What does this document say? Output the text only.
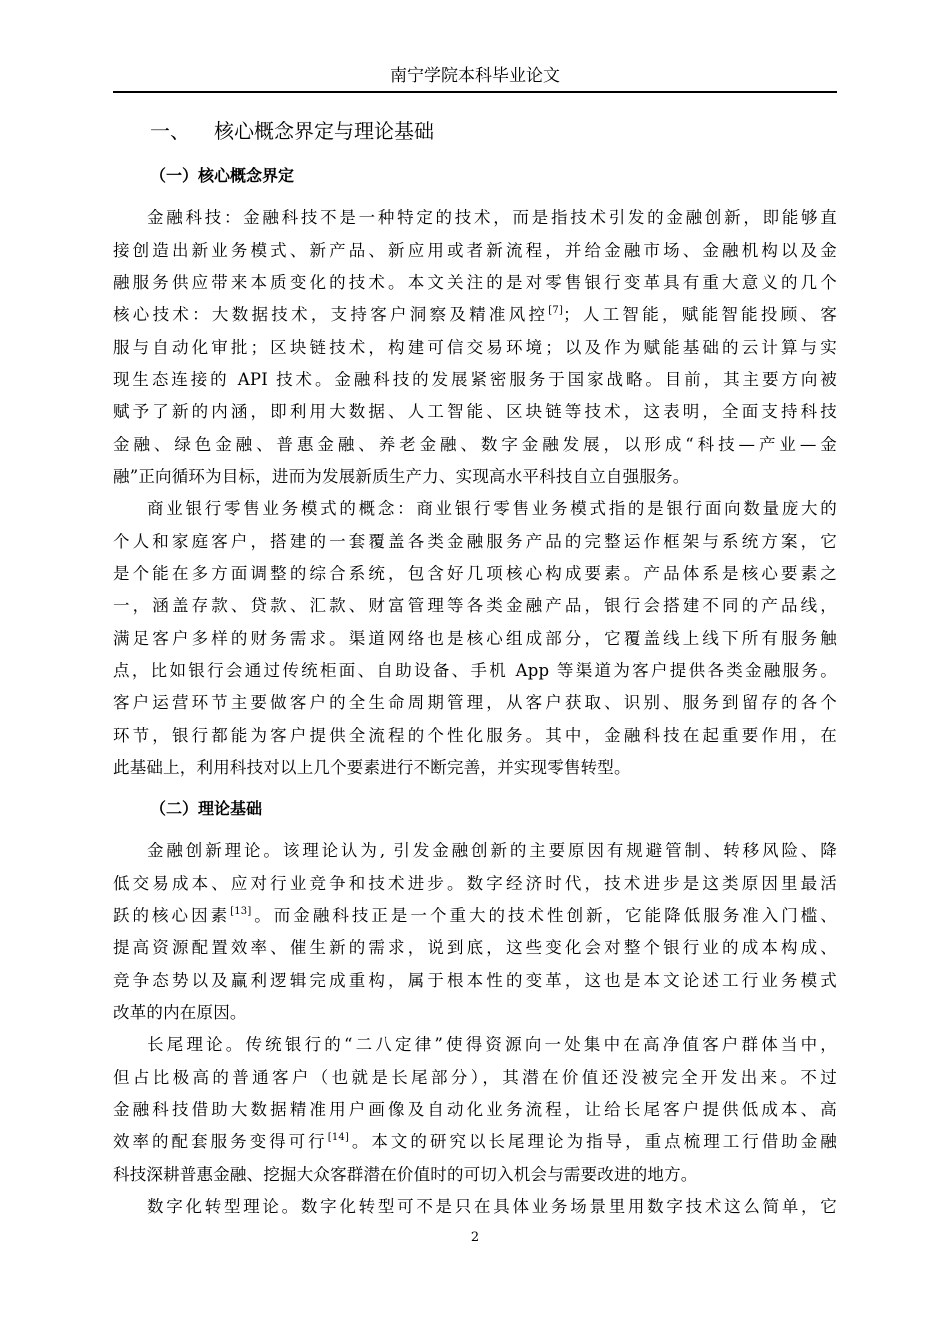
南宁学院本科毕业论文
一、 核心概念界定与理论基础
（一）核心概念界定
金融科技：金融科技不是一种特定的技术，而是指技术引发的金融创新，即能够直
接创造出新业务模式、新产品、新应用或者新流程，并给金融市场、金融机构以及金
融服务供应带来本质变化的技术。本文关注的是对零售银行变革具有重大意义的几个
核心技术：大数据技术，支持客户洞察及精准风控[7]；人工智能，赋能智能投顾、客
服与自动化审批；区块链技术，构建可信交易环境；以及作为赋能基础的云计算与实
现生态连接的 API 技术。金融科技的发展紧密服务于国家战略。目前，其主要方向被
赋予了新的内涵，即利用大数据、人工智能、区块链等技术，这表明，全面支持科技
金融、绿色金融、普惠金融、养老金融、数字金融发展，以形成“科技—产业—金
融”正向循环为目标，进而为发展新质生产力、实现高水平科技自立自强服务。
商业银行零售业务模式的概念：商业银行零售业务模式指的是银行面向数量庞大的
个人和家庭客户，搭建的一套覆盖各类金融服务产品的完整运作框架与系统方案，它
是个能在多方面调整的综合系统，包含好几项核心构成要素。产品体系是核心要素之
一，涵盖存款、贷款、汇款、财富管理等各类金融产品，银行会搭建不同的产品线，
满足客户多样的财务需求。渠道网络也是核心组成部分，它覆盖线上线下所有服务触
点，比如银行会通过传统柜面、自助设备、手机 App 等渠道为客户提供各类金融服务。
客户运营环节主要做客户的全生命周期管理，从客户获取、识别、服务到留存的各个
环节，银行都能为客户提供全流程的个性化服务。其中，金融科技在起重要作用，在
此基础上，利用科技对以上几个要素进行不断完善，并实现零售转型。
（二）理论基础
金融创新理论。该理论认为, 引发金融创新的主要原因有规避管制、转移风险、降
低交易成本、应对行业竞争和技术进步。数字经济时代，技术进步是这类原因里最活
跃的核心因素[13]。而金融科技正是一个重大的技术性创新，它能降低服务准入门槛、
提高资源配置效率、催生新的需求，说到底，这些变化会对整个银行业的成本构成、
竞争态势以及赢利逻辑完成重构，属于根本性的变革，这也是本文论述工行业务模式
改革的内在原因。
长尾理论。传统银行的“二八定律”使得资源向一处集中在高净值客户群体当中，
但占比极高的普通客户（也就是长尾部分），其潜在价值还没被完全开发出来。不过
金融科技借助大数据精准用户画像及自动化业务流程，让给长尾客户提供低成本、高
效率的配套服务变得可行[14]。本文的研究以长尾理论为指导，重点梳理工行借助金融
科技深耕普惠金融、挖掘大众客群潜在价值时的可切入机会与需要改进的地方。
数字化转型理论。数字化转型可不是只在具体业务场景里用数字技术这么简单，它
2
